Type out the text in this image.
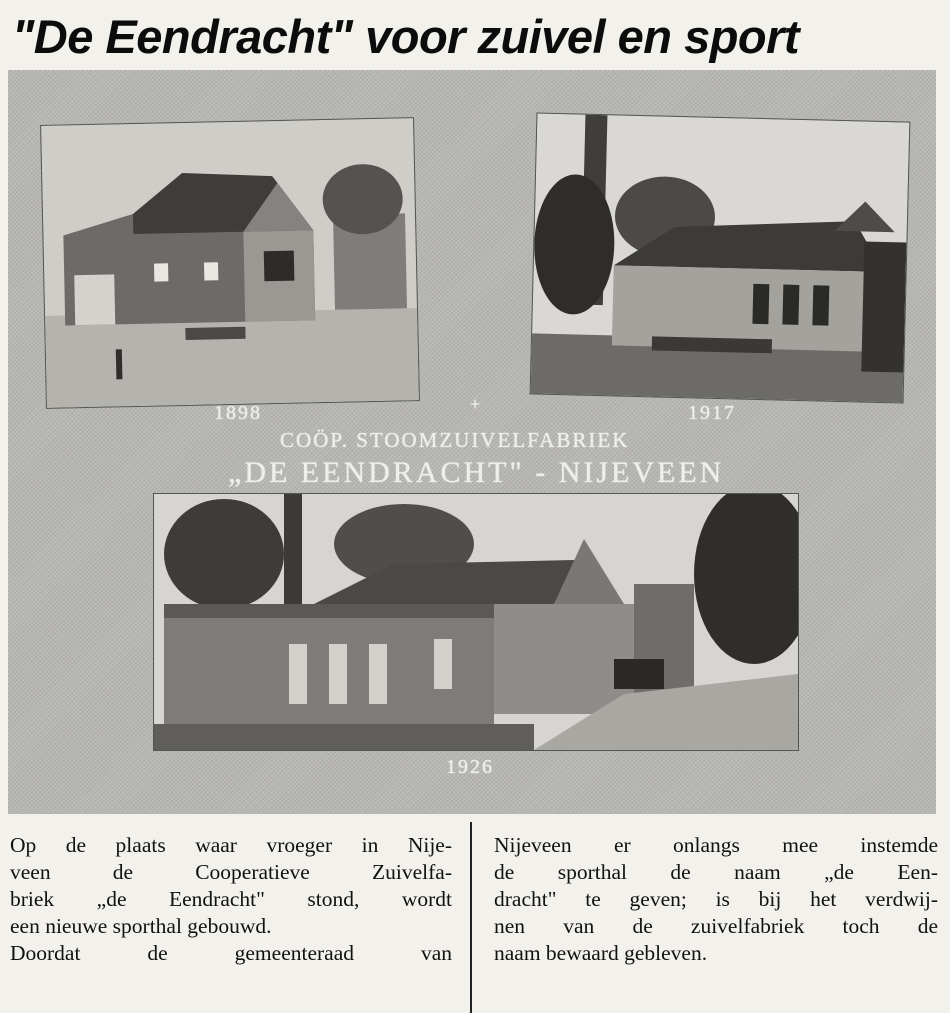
"De Eendracht" voor zuivel en sport
1898	+	1917
COÖP. STOOMZUIVELFABRIEK
„DE EENDRACHT" - NIJEVEEN
1926
Op de plaats waar vroeger in Nije-
veen de Cooperatieve Zuivelfa-
briek „de Eendracht" stond, wordt
een nieuwe sporthal gebouwd.
Doordat de gemeenteraad van
Nijeveen er onlangs mee instemde
de sporthal de naam „de Een-
dracht" te geven; is bij het verdwij-
nen van de zuivelfabriek toch de
naam bewaard gebleven.
